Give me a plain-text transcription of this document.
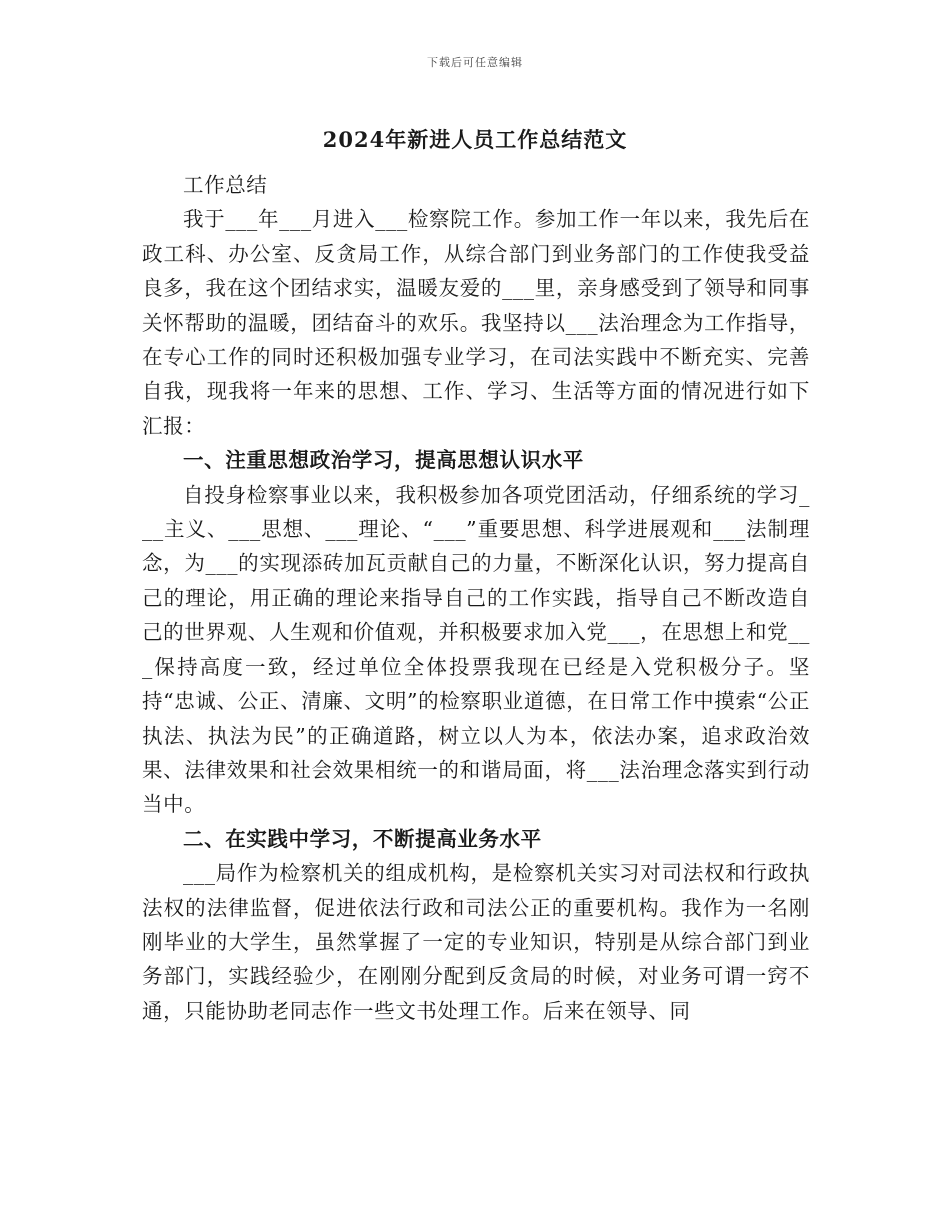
下载后可任意编辑
2024年新进人员工作总结范文

工作总结

我于___年___月进入___检察院工作。参加工作一年以来，我先后在政工科、办公室、反贪局工作，从综合部门到业务部门的工作使我受益良多，我在这个团结求实，温暖友爱的___里，亲身感受到了领导和同事关怀帮助的温暖，团结奋斗的欢乐。我坚持以___法治理念为工作指导，在专心工作的同时还积极加强专业学习，在司法实践中不断充实、完善自我，现我将一年来的思想、工作、学习、生活等方面的情况进行如下汇报：

一、注重思想政治学习，提高思想认识水平

自投身检察事业以来，我积极参加各项党团活动，仔细系统的学习___主义、___思想、___理论、“___”重要思想、科学进展观和___法制理念，为___的实现添砖加瓦贡献自己的力量，不断深化认识，努力提高自己的理论，用正确的理论来指导自己的工作实践，指导自己不断改造自己的世界观、人生观和价值观，并积极要求加入党___，在思想上和党___保持高度一致，经过单位全体投票我现在已经是入党积极分子。坚持“忠诚、公正、清廉、文明”的检察职业道德，在日常工作中摸索“公正执法、执法为民”的正确道路，树立以人为本，依法办案，追求政治效果、法律效果和社会效果相统一的和谐局面，将___法治理念落实到行动当中。

二、在实践中学习，不断提高业务水平

___局作为检察机关的组成机构，是检察机关实习对司法权和行政执法权的法律监督，促进依法行政和司法公正的重要机构。我作为一名刚刚毕业的大学生，虽然掌握了一定的专业知识，特别是从综合部门到业务部门，实践经验少，在刚刚分配到反贪局的时候，对业务可谓一窍不通，只能协助老同志作一些文书处理工作。后来在领导、同
